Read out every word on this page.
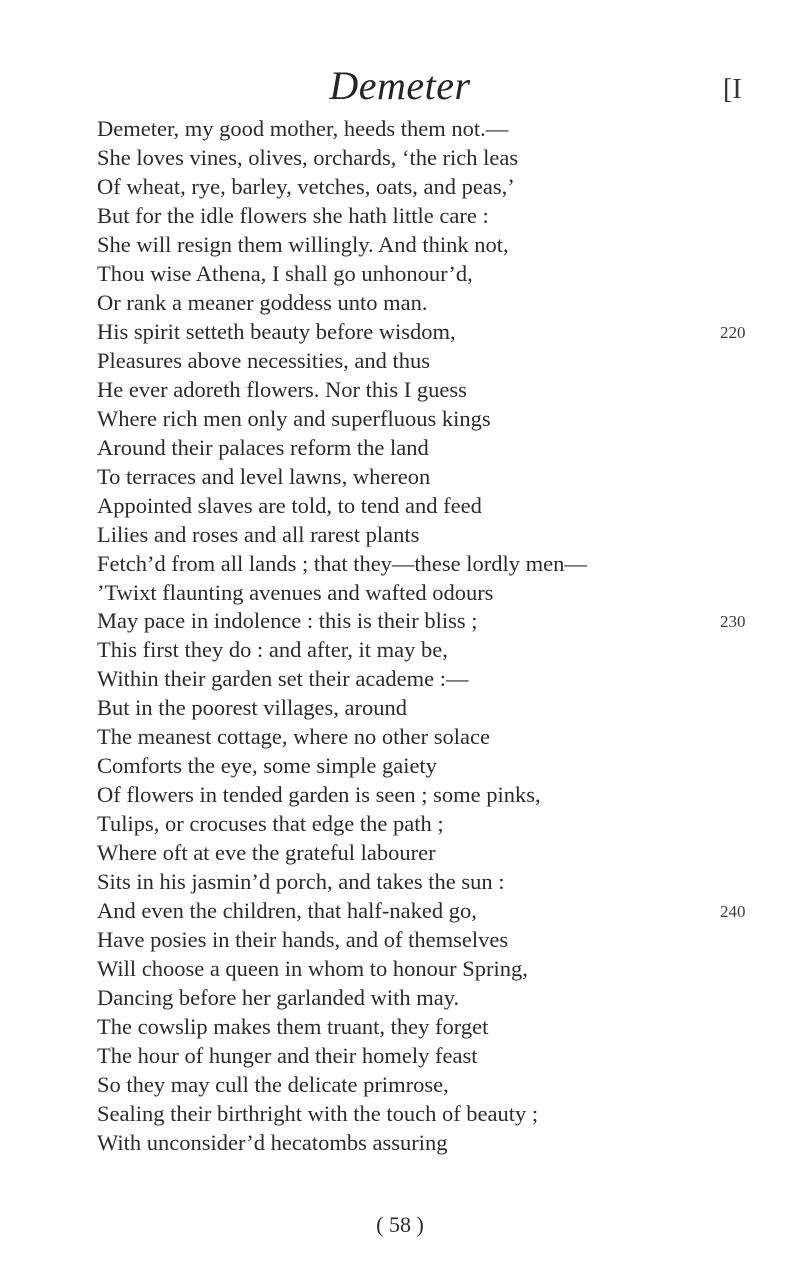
Demeter	[I
Demeter, my good mother, heeds them not.—
She loves vines, olives, orchards, ‘the rich leas
Of wheat, rye, barley, vetches, oats, and peas,’
But for the idle flowers she hath little care :
She will resign them willingly. And think not,
Thou wise Athena, I shall go unhonour’d,
Or rank a meaner goddess unto man.
His spirit setteth beauty before wisdom,	220
Pleasures above necessities, and thus
He ever adoreth flowers. Nor this I guess
Where rich men only and superfluous kings
Around their palaces reform the land
To terraces and level lawns, whereon
Appointed slaves are told, to tend and feed
Lilies and roses and all rarest plants
Fetch’d from all lands ; that they—these lordly men—
’Twixt flaunting avenues and wafted odours
May pace in indolence : this is their bliss ;	230
This first they do : and after, it may be,
Within their garden set their academe :—
But in the poorest villages, around
The meanest cottage, where no other solace
Comforts the eye, some simple gaiety
Of flowers in tended garden is seen ; some pinks,
Tulips, or crocuses that edge the path ;
Where oft at eve the grateful labourer
Sits in his jasmin’d porch, and takes the sun :
And even the children, that half-naked go,	240
Have posies in their hands, and of themselves
Will choose a queen in whom to honour Spring,
Dancing before her garlanded with may.
The cowslip makes them truant, they forget
The hour of hunger and their homely feast
So they may cull the delicate primrose,
Sealing their birthright with the touch of beauty ;
With unconsider’d hecatombs assuring
( 58 )
